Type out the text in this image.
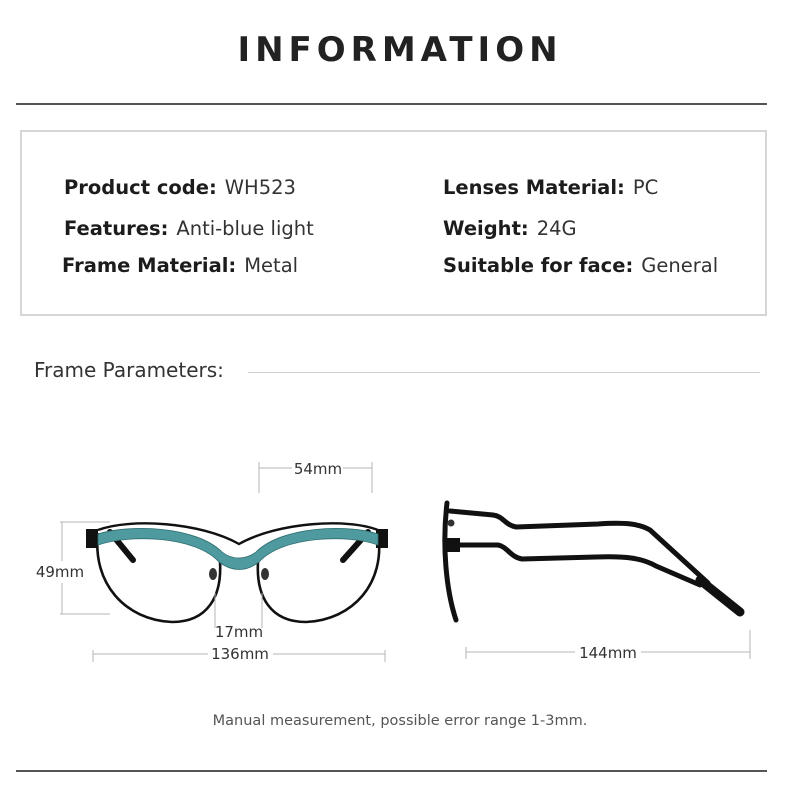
INFORMATION
Product code: WH523
Features: Anti-blue light
Frame Material: Metal
Lenses Material: PC
Weight: 24G
Suitable for face: General
Frame Parameters:
54mm
49mm
17mm
136mm	144mm
Manual measurement, possible error range 1-3mm.
